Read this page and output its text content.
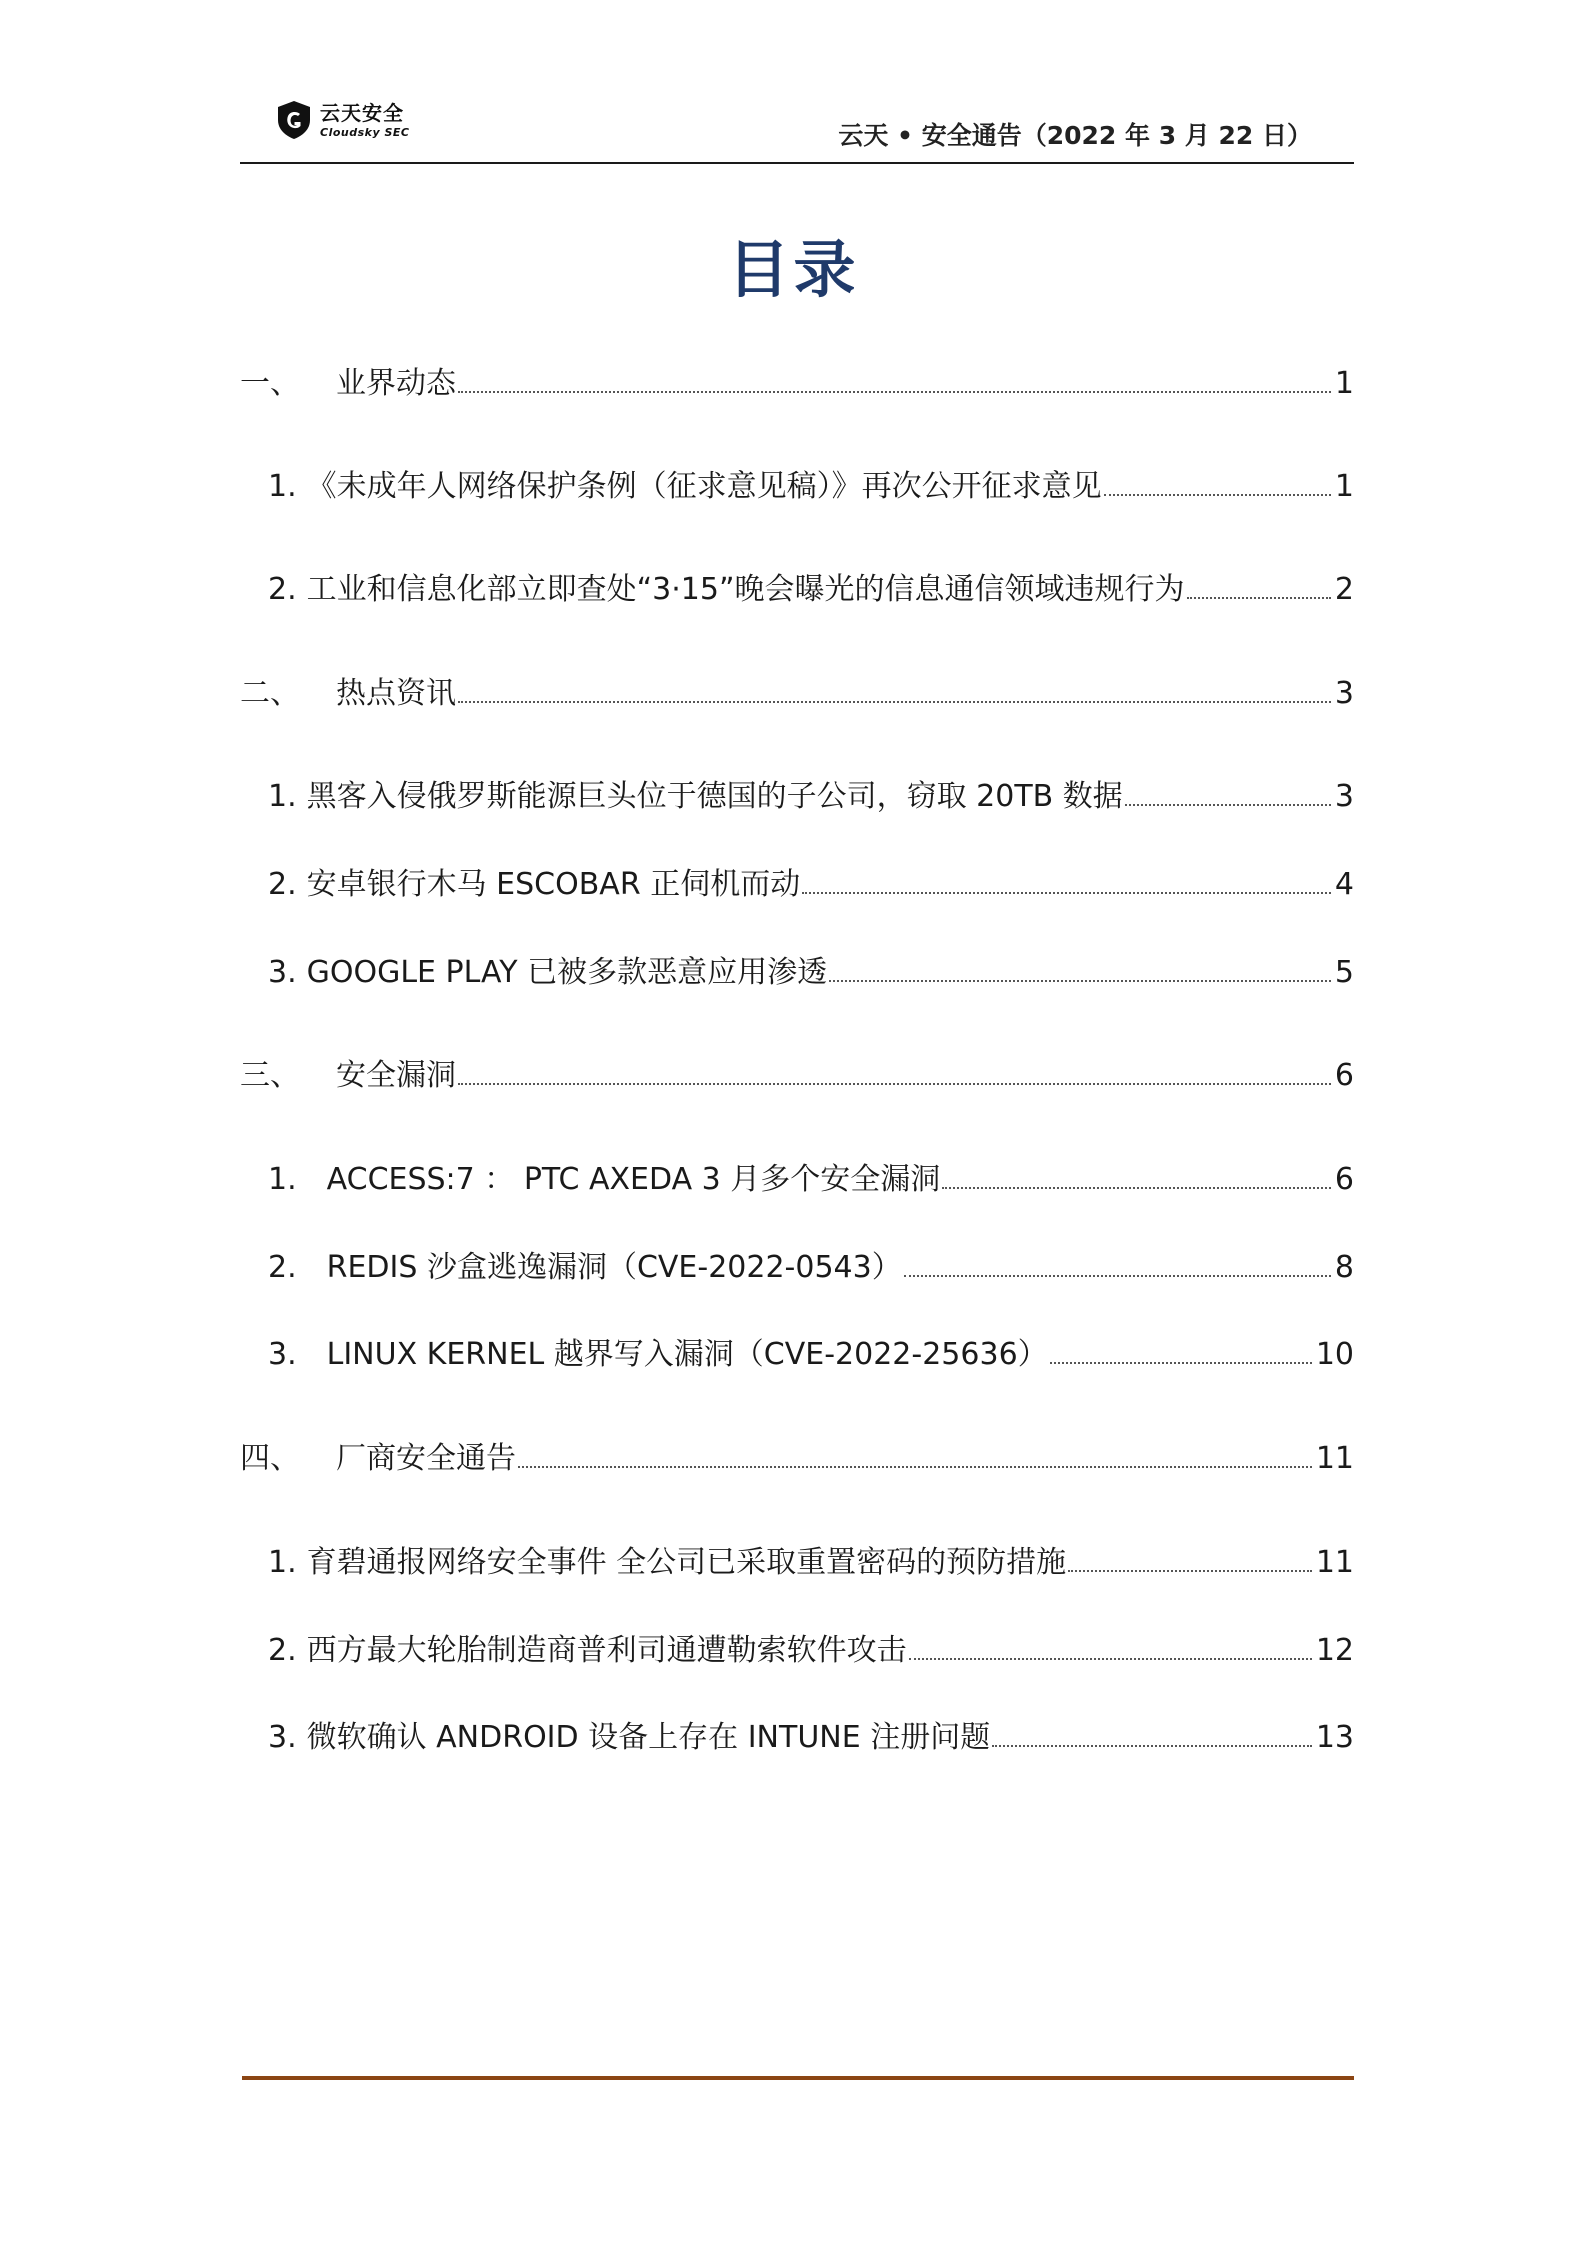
云天安全
Cloudsky SEC	云天 • 安全通告（2022 年 3 月 22 日）
目录
一、 业界动态	1
1. 《未成年人网络保护条例（征求意见稿）》再次公开征求意见	1
2. 工业和信息化部立即查处“3·15”晚会曝光的信息通信领域违规行为	2
二、 热点资讯	3
1. 黑客入侵俄罗斯能源巨头位于德国的子公司，窃取 20TB 数据	3
2. 安卓银行木马 ESCOBAR 正伺机而动	4
3. GOOGLE PLAY 已被多款恶意应用渗透	5
三、 安全漏洞	6
1. ACCESS:7 ： PTC AXEDA 3 月多个安全漏洞	6
2. REDIS 沙盒逃逸漏洞（CVE-2022-0543）	8
3. LINUX KERNEL 越界写入漏洞（CVE-2022-25636）	10
四、 厂商安全通告	11
1. 育碧通报网络安全事件 全公司已采取重置密码的预防措施	11
2. 西方最大轮胎制造商普利司通遭勒索软件攻击	12
3. 微软确认 ANDROID 设备上存在 INTUNE 注册问题	13
